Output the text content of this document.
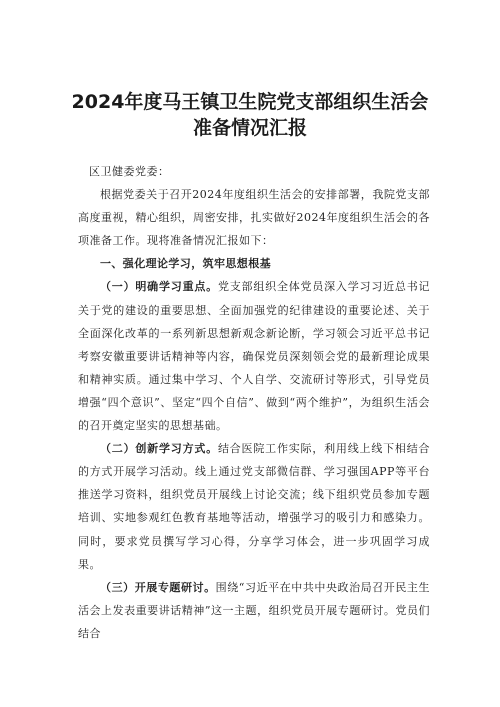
2024年度马王镇卫生院党支部组织生活会
准备情况汇报

区卫健委党委：

根据党委关于召开2024年度组织生活会的安排部署，我院党支部高度重视，精心组织，周密安排，扎实做好2024年度组织生活会的各项准备工作。现将准备情况汇报如下：

一、强化理论学习，筑牢思想根基

（一）明确学习重点。党支部组织全体党员深入学习习近总书记关于党的建设的重要思想、全面加强党的纪律建设的重要论述、关于全面深化改革的一系列新思想新观念新论断，学习领会习近平总书记考察安徽重要讲话精神等内容，确保党员深刻领会党的最新理论成果和精神实质。通过集中学习、个人自学、交流研讨等形式，引导党员增强“四个意识”、坚定“四个自信”、做到“两个维护”，为组织生活会的召开奠定坚实的思想基础。

（二）创新学习方式。结合医院工作实际，利用线上线下相结合的方式开展学习活动。线上通过党支部微信群、学习强国APP等平台推送学习资料，组织党员开展线上讨论交流；线下组织党员参加专题培训、实地参观红色教育基地等活动，增强学习的吸引力和感染力。同时，要求党员撰写学习心得，分享学习体会，进一步巩固学习成果。

（三）开展专题研讨。围绕“习近平在中共中央政治局召开民主生活会上发表重要讲话精神”这一主题，组织党员开展专题研讨。党员们结合
